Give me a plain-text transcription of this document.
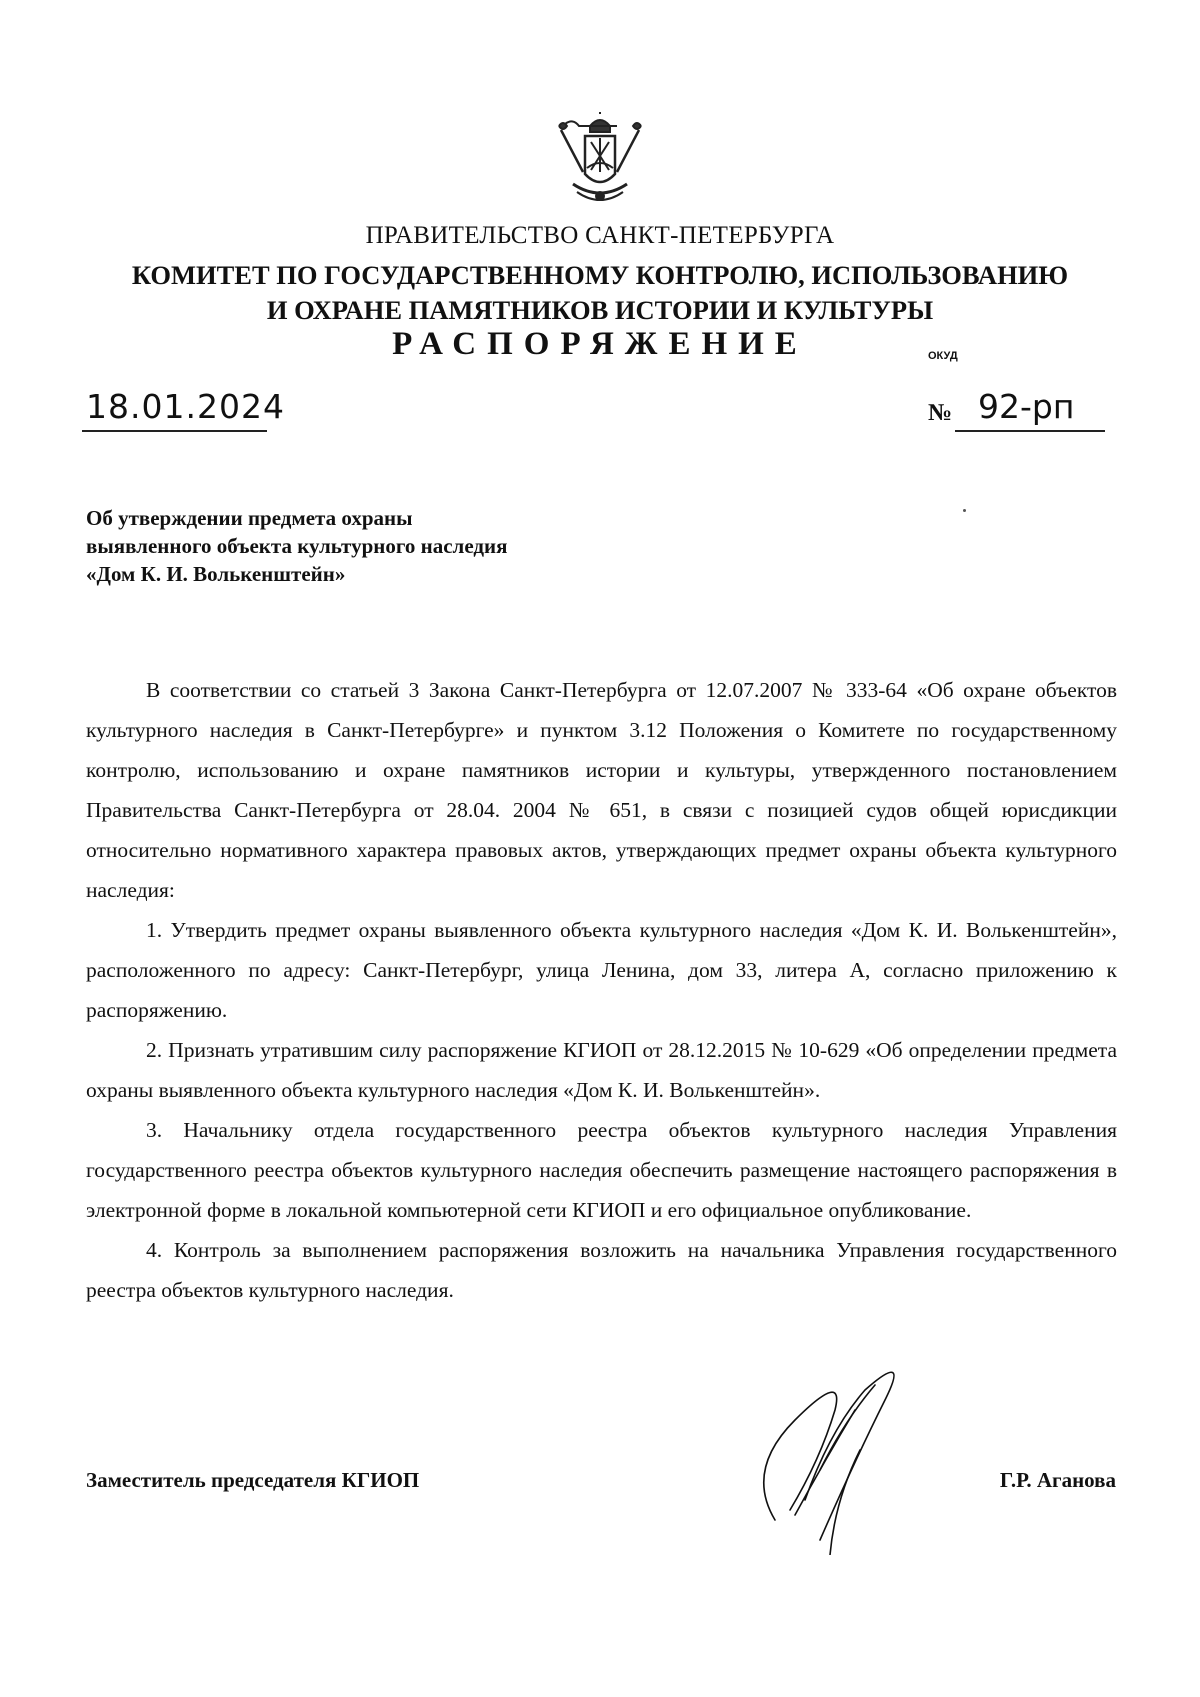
ПРАВИТЕЛЬСТВО САНКТ-ПЕТЕРБУРГА
КОМИТЕТ ПО ГОСУДАРСТВЕННОМУ КОНТРОЛЮ, ИСПОЛЬЗОВАНИЮ
И ОХРАНЕ ПАМЯТНИКОВ ИСТОРИИ И КУЛЬТУРЫ
РАСПОРЯЖЕНИЕ	ОКУД
18.01.2024	№ 92-рп
Об утверждении предмета охраны
выявленного объекта культурного наследия
«Дом К. И. Волькенштейн»

В соответствии со статьей 3 Закона Санкт-Петербурга от 12.07.2007 № 333-64 «Об охране объектов культурного наследия в Санкт-Петербурге» и пунктом 3.12 Положения о Комитете по государственному контролю, использованию и охране памятников истории и культуры, утвержденного постановлением Правительства Санкт-Петербурга от 28.04. 2004 № 651, в связи с позицией судов общей юрисдикции относительно нормативного характера правовых актов, утверждающих предмет охраны объекта культурного наследия:

1. Утвердить предмет охраны выявленного объекта культурного наследия «Дом К. И. Волькенштейн», расположенного по адресу: Санкт-Петербург, улица Ленина, дом 33, литера А, согласно приложению к распоряжению.

2. Признать утратившим силу распоряжение КГИОП от 28.12.2015 № 10-629 «Об определении предмета охраны выявленного объекта культурного наследия «Дом К. И. Волькенштейн».

3. Начальнику отдела государственного реестра объектов культурного наследия Управления государственного реестра объектов культурного наследия обеспечить размещение настоящего распоряжения в электронной форме в локальной компьютерной сети КГИОП и его официальное опубликование.

4. Контроль за выполнением распоряжения возложить на начальника Управления государственного реестра объектов культурного наследия.

Заместитель председателя КГИОП	Г.Р. Аганова
